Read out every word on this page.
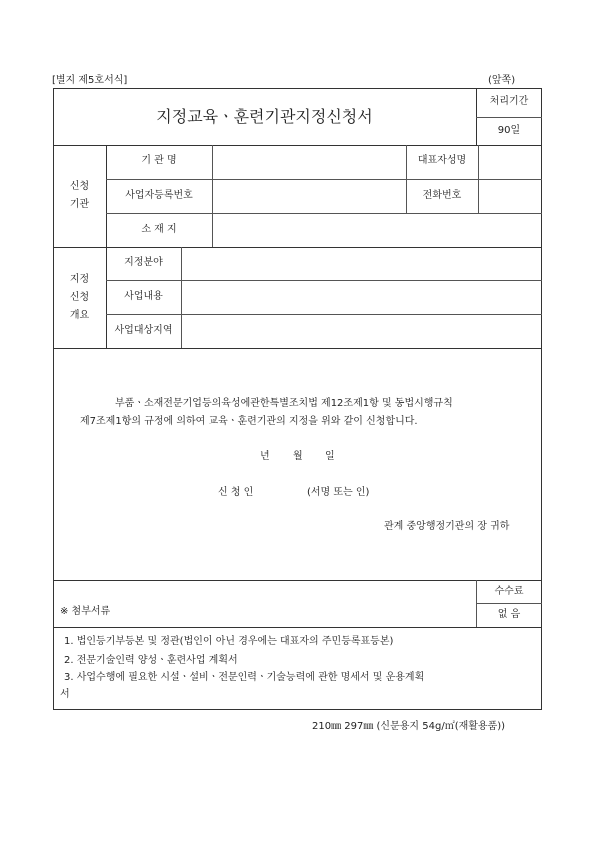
[별지 제5호서식]	(앞쪽)
지정교육ㆍ훈련기관지정신청서
처리기간
90일
신청
기관
기 관 명	대표자성명
사업자등록번호	전화번호
소 재 지
지정
신청
개요
지정분야
사업내용
사업대상지역
부품ㆍ소재전문기업등의육성에관한특별조치법 제12조제1항 및 동법시행규칙
제7조제1항의 규정에 의하여 교육ㆍ훈련기관의 지정을 위와 같이 신청합니다.
년 월 일
신 청 인	(서명 또는 인)
관계 중앙행정기관의 장 귀하
※ 첨부서류
수수료
없 음
1. 법인등기부등본 및 정관(법인이 아닌 경우에는 대표자의 주민등록표등본)
2. 전문기술인력 양성ㆍ훈련사업 계획서
3. 사업수행에 필요한 시설ㆍ설비ㆍ전문인력ㆍ기술능력에 관한 명세서 및 운용계획
서
210㎜ 297㎜ (신문용지 54g/㎡(재활용품))
